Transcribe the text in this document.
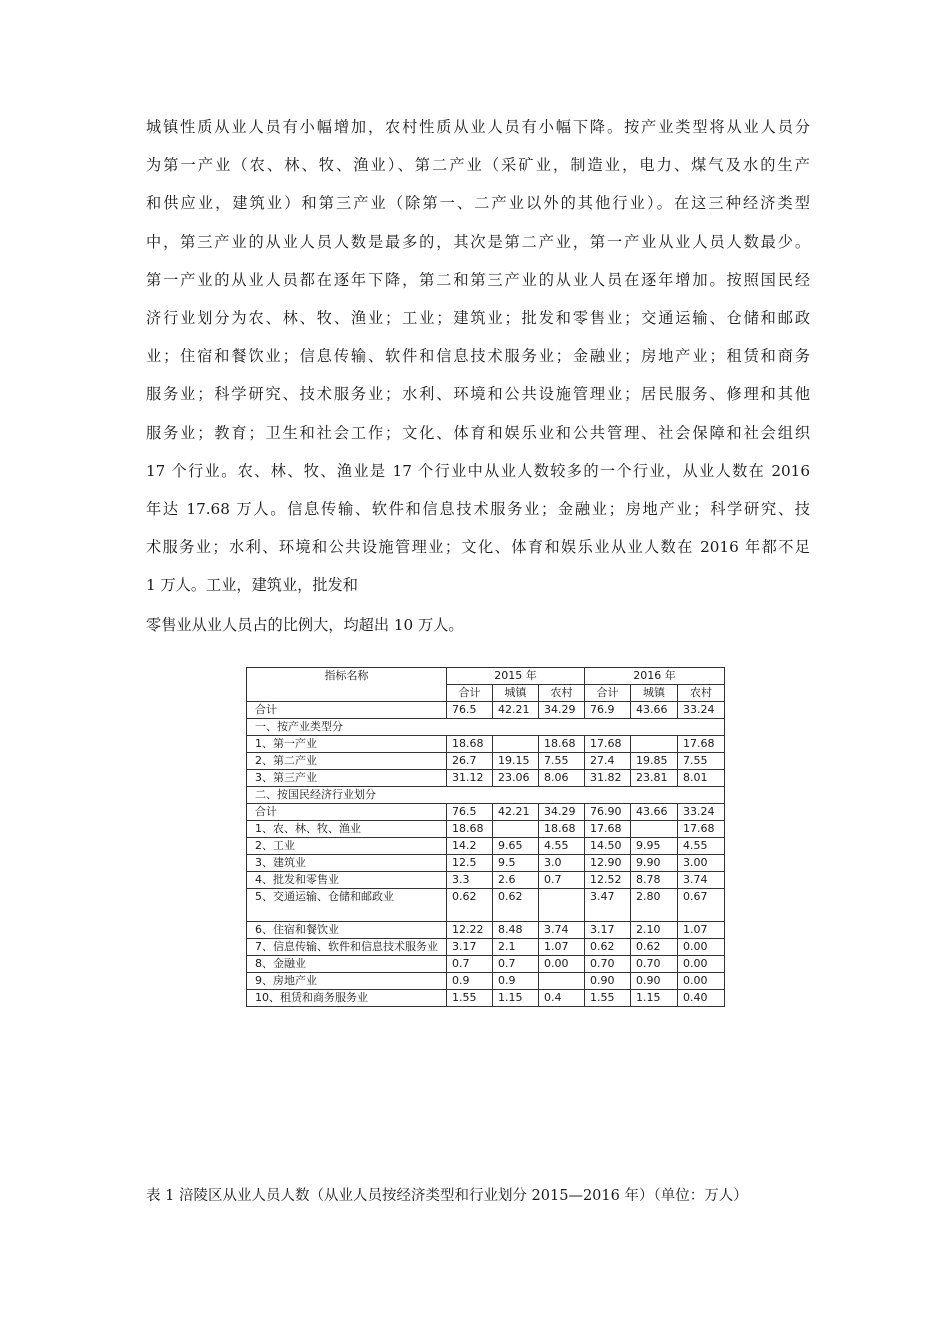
城镇性质从业人员有小幅增加，农村性质从业人员有小幅下降。按产业类型将从业人员分
为第一产业（农、林、牧、渔业）、第二产业（采矿业，制造业，电力、煤气及水的生产
和供应业，建筑业）和第三产业（除第一、二产业以外的其他行业）。在这三种经济类型
中，第三产业的从业人员人数是最多的，其次是第二产业，第一产业从业人员人数最少。
第一产业的从业人员都在逐年下降，第二和第三产业的从业人员在逐年增加。按照国民经
济行业划分为农、林、牧、渔业；工业；建筑业；批发和零售业；交通运输、仓储和邮政
业；住宿和餐饮业；信息传输、软件和信息技术服务业；金融业；房地产业；租赁和商务
服务业；科学研究、技术服务业；水利、环境和公共设施管理业；居民服务、修理和其他
服务业；教育；卫生和社会工作；文化、体育和娱乐业和公共管理、社会保障和社会组织
17 个行业。农、林、牧、渔业是 17 个行业中从业人数较多的一个行业，从业人数在 2016
年达 17.68 万人。信息传输、软件和信息技术服务业；金融业；房地产业；科学研究、技
术服务业；水利、环境和公共设施管理业；文化、体育和娱乐业从业人数在 2016 年都不足
1 万人。工业，建筑业，批发和

零售业从业人员占的比例大，均超出 10 万人。

指标名称	2015 年			2016 年		
	合计	城镇	农村	合计	城镇	农村
合计	76.5	42.21	34.29	76.9	43.66	33.24
一、按产业类型分						
1、第一产业	18.68		18.68	17.68		17.68
2、第二产业	26.7	19.15	7.55	27.4	19.85	7.55
3、第三产业	31.12	23.06	8.06	31.82	23.81	8.01
二、按国民经济行业划分						
合计	76.5	42.21	34.29	76.90	43.66	33.24
1、农、林、牧、渔业	18.68		18.68	17.68		17.68
2、工业	14.2	9.65	4.55	14.50	9.95	4.55
3、建筑业	12.5	9.5	3.0	12.90	9.90	3.00
4、批发和零售业	3.3	2.6	0.7	12.52	8.78	3.74
5、交通运输、仓储和邮政业	0.62	0.62		3.47	2.80	0.67
6、住宿和餐饮业	12.22	8.48	3.74	3.17	2.10	1.07
7、信息传输、软件和信息技术服务业	3.17	2.1	1.07	0.62	0.62	0.00
8、金融业	0.7	0.7	0.00	0.70	0.70	0.00
9、房地产业	0.9	0.9		0.90	0.90	0.00
10、租赁和商务服务业	1.55	1.15	0.4	1.55	1.15	0.40

表 1 涪陵区从业人员人数（从业人员按经济类型和行业划分 2015—2016 年）（单位：万人）
